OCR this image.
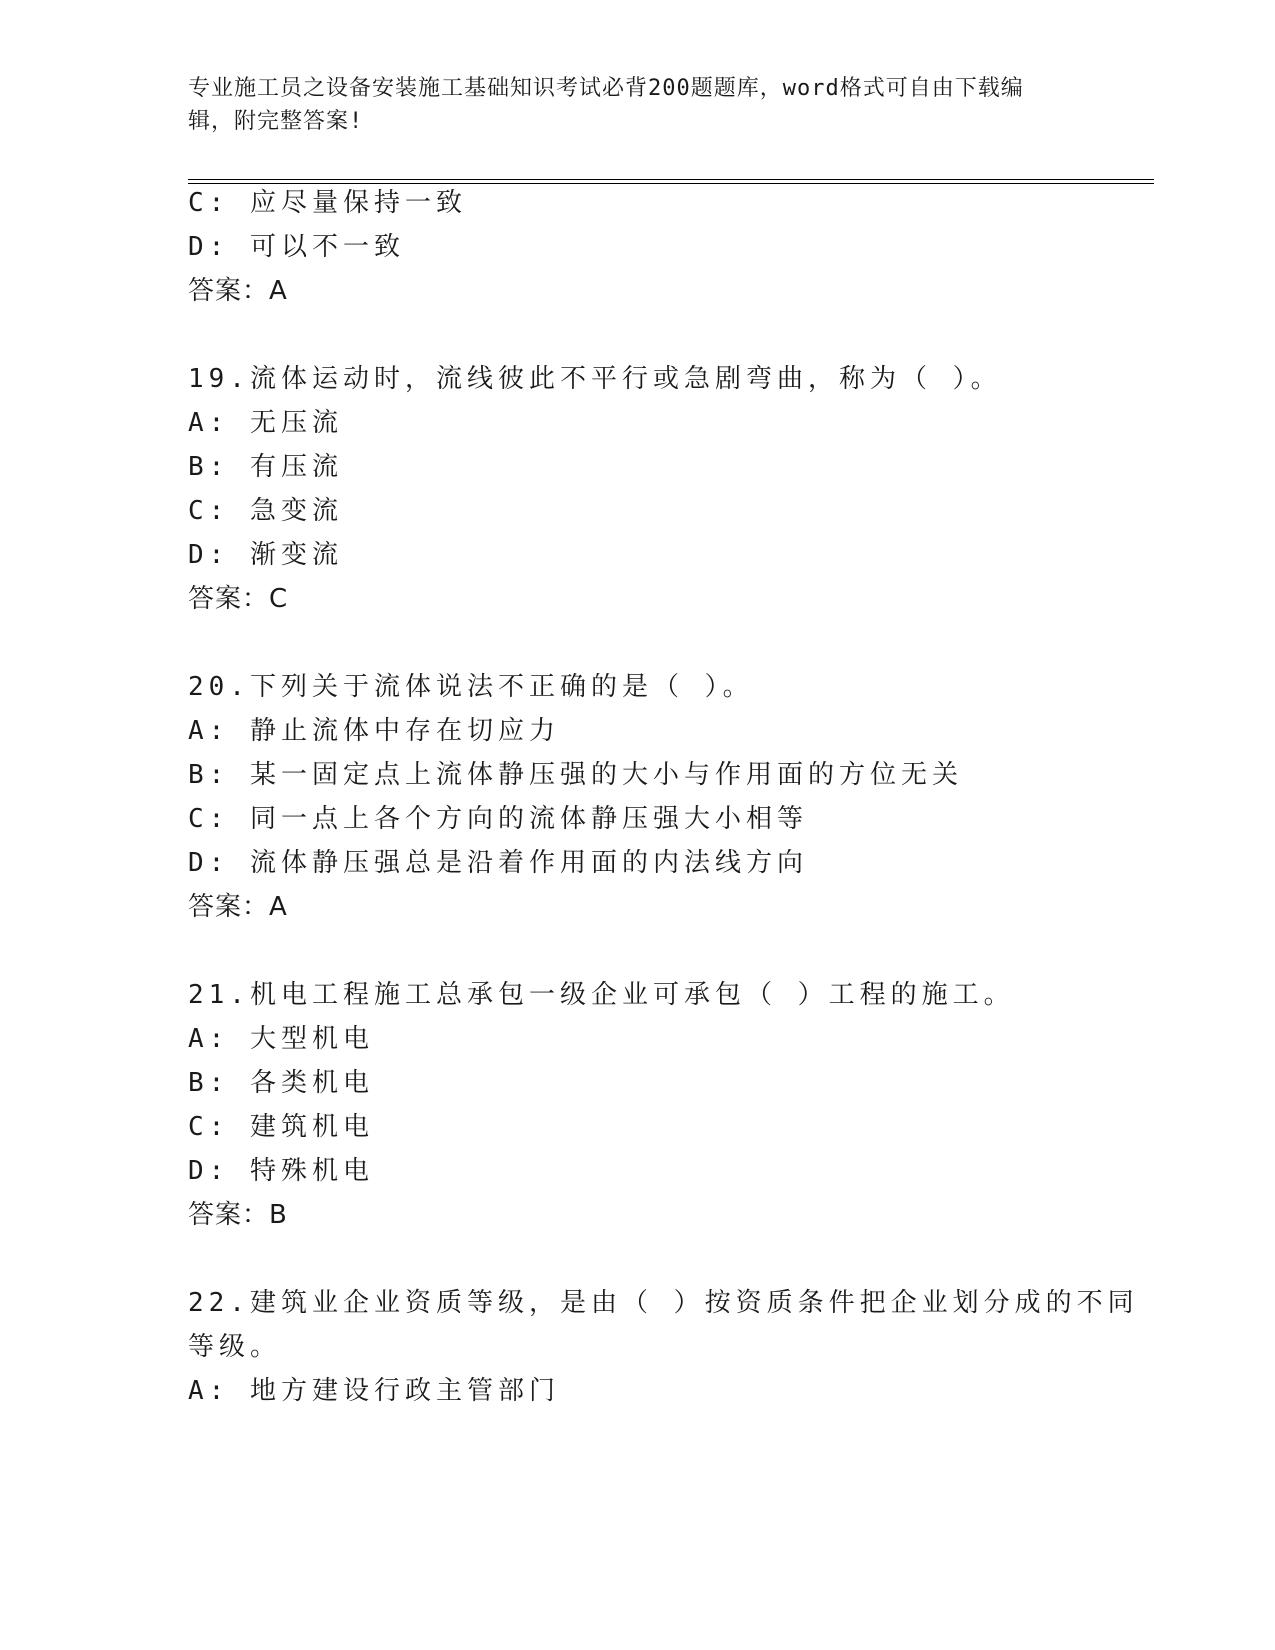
专业施工员之设备安装施工基础知识考试必背200题题库，word格式可自由下载编辑，附完整答案!
C: 应尽量保持一致
D: 可以不一致
答案：A
19.流体运动时，流线彼此不平行或急剧弯曲，称为（ ）。
A: 无压流
B: 有压流
C: 急变流
D: 渐变流
答案：C
20.下列关于流体说法不正确的是（ ）。
A: 静止流体中存在切应力
B: 某一固定点上流体静压强的大小与作用面的方位无关
C: 同一点上各个方向的流体静压强大小相等
D: 流体静压强总是沿着作用面的内法线方向
答案：A
21.机电工程施工总承包一级企业可承包（ ）工程的施工。
A: 大型机电
B: 各类机电
C: 建筑机电
D: 特殊机电
答案：B
22.建筑业企业资质等级，是由（ ）按资质条件把企业划分成的不同
等级。
A: 地方建设行政主管部门
